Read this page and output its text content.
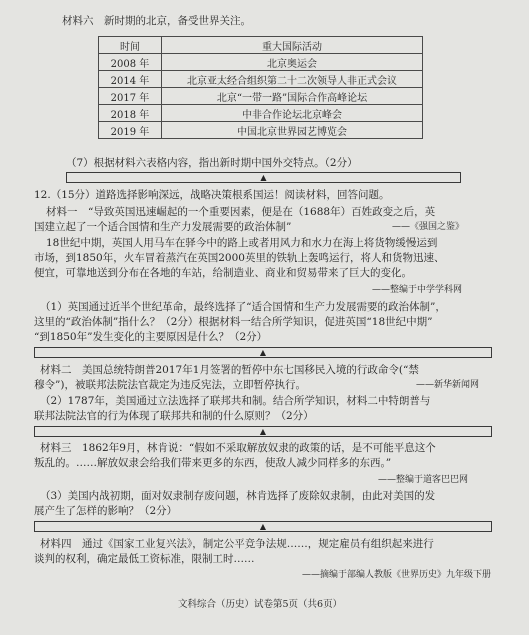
材料六　新时期的北京，备受世界关注。
时间	重大国际活动
2008 年	北京奥运会
2014 年	北京亚太经合组织第二十二次领导人非正式会议
2017 年	北京“一带一路”国际合作高峰论坛
2018 年	中非合作论坛北京峰会
2019 年	中国北京世界园艺博览会
（7）根据材料六表格内容，指出新时期中国外交特点。（2分）
▲
12.（15分）道路选择影响深远，战略决策根系国运！阅读材料，回答问题。
材料一　“导致英国迅速崛起的一个重要因素，便是在（1688年）百姓政变之后，英
国建立起了一个适合国情和生产力发展需要的政治体制”	——《强国之鉴》
18世纪中期，英国人用马车在驿今中的路上或者用风力和水力在海上将货物缓慢运到
市场，到1850年，火车冒着蒸汽在英国2000英里的铁轨上轰鸣运行，将人和货物迅速、
便宜，可靠地送到分布在各地的车站，给制造业、商业和贸易带来了巨大的变化。
——整编于中学学科网
（1）英国通过近半个世纪革命，最终选择了“适合国情和生产力发展需要的政治体制”，
这里的“政治体制”指什么？（2分）根据材料一结合所学知识，促进英国“18世纪中期”
“到1850年”发生变化的主要原因是什么？（2分）
▲
材料二　美国总统特朗普2017年1月签署的暂停中东七国移民入境的行政命令(“禁
穆令”)，被联邦法院法官裁定为违反宪法，立即暂停执行。	——新华新闻网
（2）1787年，美国通过立法选择了联邦共和制。结合所学知识，材料二中特朗普与
联邦法院法官的行为体现了联邦共和制的什么原则？（2分）
▲
材料三　1862年9月，林肯说：“假如不采取解放奴隶的政策的话，是不可能平息这个
叛乱的。……解放奴隶会给我们带来更多的东西，使敌人减少同样多的东西。”
——整编于道客巴巴网
（3）美国内战初期，面对奴隶制存废问题，林肯选择了废除奴隶制，由此对美国的发
展产生了怎样的影响？（2分）
▲
材料四　通过《国家工业复兴法》，制定公平竞争法规……，规定雇员有组织起来进行
谈判的权利，确定最低工资标准，限制工时……
——摘编于部编人教版《世界历史》九年级下册
文科综合（历史）试卷第5页（共6页）
